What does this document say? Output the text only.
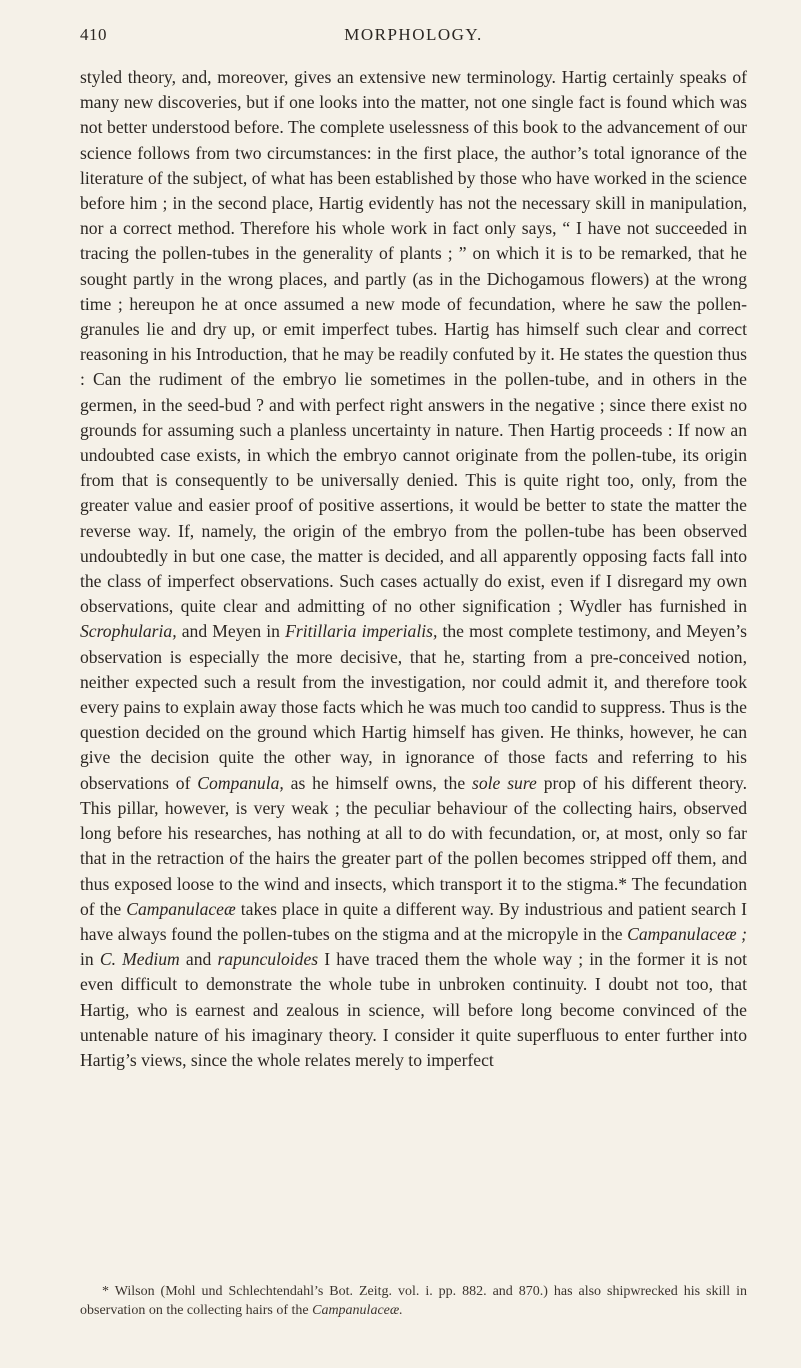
410	MORPHOLOGY.

styled theory, and, moreover, gives an extensive new terminology. Hartig certainly speaks of many new discoveries, but if one looks into the matter, not one single fact is found which was not better understood before. The complete uselessness of this book to the advancement of our science follows from two circumstances: in the first place, the author’s total ignorance of the literature of the subject, of what has been established by those who have worked in the science before him ; in the second place, Hartig evidently has not the necessary skill in manipulation, nor a correct method. Therefore his whole work in fact only says, “ I have not succeeded in tracing the pollen-tubes in the generality of plants ; ” on which it is to be remarked, that he sought partly in the wrong places, and partly (as in the Dichogamous flowers) at the wrong time ; hereupon he at once assumed a new mode of fecundation, where he saw the pollen-granules lie and dry up, or emit imperfect tubes. Hartig has himself such clear and correct reasoning in his Introduction, that he may be readily confuted by it. He states the question thus : Can the rudiment of the embryo lie sometimes in the pollen-tube, and in others in the germen, in the seed-bud ? and with perfect right answers in the negative ; since there exist no grounds for assuming such a planless uncertainty in nature. Then Hartig proceeds : If now an undoubted case exists, in which the embryo cannot originate from the pollen-tube, its origin from that is consequently to be universally denied. This is quite right too, only, from the greater value and easier proof of positive assertions, it would be better to state the matter the reverse way. If, namely, the origin of the embryo from the pollen-tube has been observed undoubtedly in but one case, the matter is decided, and all apparently opposing facts fall into the class of imperfect observations. Such cases actually do exist, even if I disregard my own observations, quite clear and admitting of no other signification ; Wydler has furnished in Scrophularia, and Meyen in Fritillaria imperialis, the most complete testimony, and Meyen’s observation is especially the more decisive, that he, starting from a pre-conceived notion, neither expected such a result from the investigation, nor could admit it, and therefore took every pains to explain away those facts which he was much too candid to suppress. Thus is the question decided on the ground which Hartig himself has given. He thinks, however, he can give the decision quite the other way, in ignorance of those facts and referring to his observations of Companula, as he himself owns, the sole sure prop of his different theory. This pillar, however, is very weak ; the peculiar behaviour of the collecting hairs, observed long before his researches, has nothing at all to do with fecundation, or, at most, only so far that in the retraction of the hairs the greater part of the pollen becomes stripped off them, and thus exposed loose to the wind and insects, which transport it to the stigma.* The fecundation of the Campanulaceæ takes place in quite a different way. By industrious and patient search I have always found the pollen-tubes on the stigma and at the micropyle in the Campanulaceæ ; in C. Medium and rapunculoides I have traced them the whole way ; in the former it is not even difficult to demonstrate the whole tube in unbroken continuity. I doubt not too, that Hartig, who is earnest and zealous in science, will before long become convinced of the untenable nature of his imaginary theory. I consider it quite superfluous to enter further into Hartig’s views, since the whole relates merely to imperfect

* Wilson (Mohl und Schlechtendahl’s Bot. Zeitg. vol. i. pp. 882. and 870.) has also shipwrecked his skill in observation on the collecting hairs of the Campanulaceæ.
